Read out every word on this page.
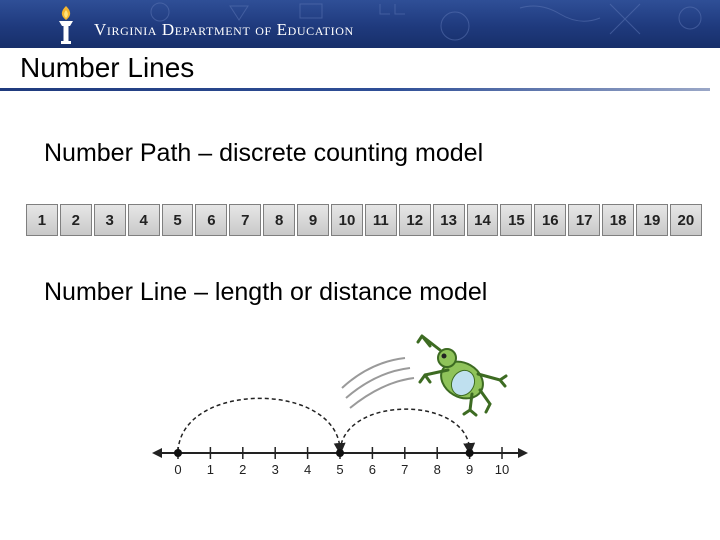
Virginia Department of Education
Number Lines
Number Path – discrete counting model
1	2	3	4	5	6	7	8	9	10	11	12	13	14	15	16	17	18	19	20
Number Line – length or distance model
0 1 2 3 4 5 6 7 8 9 10
